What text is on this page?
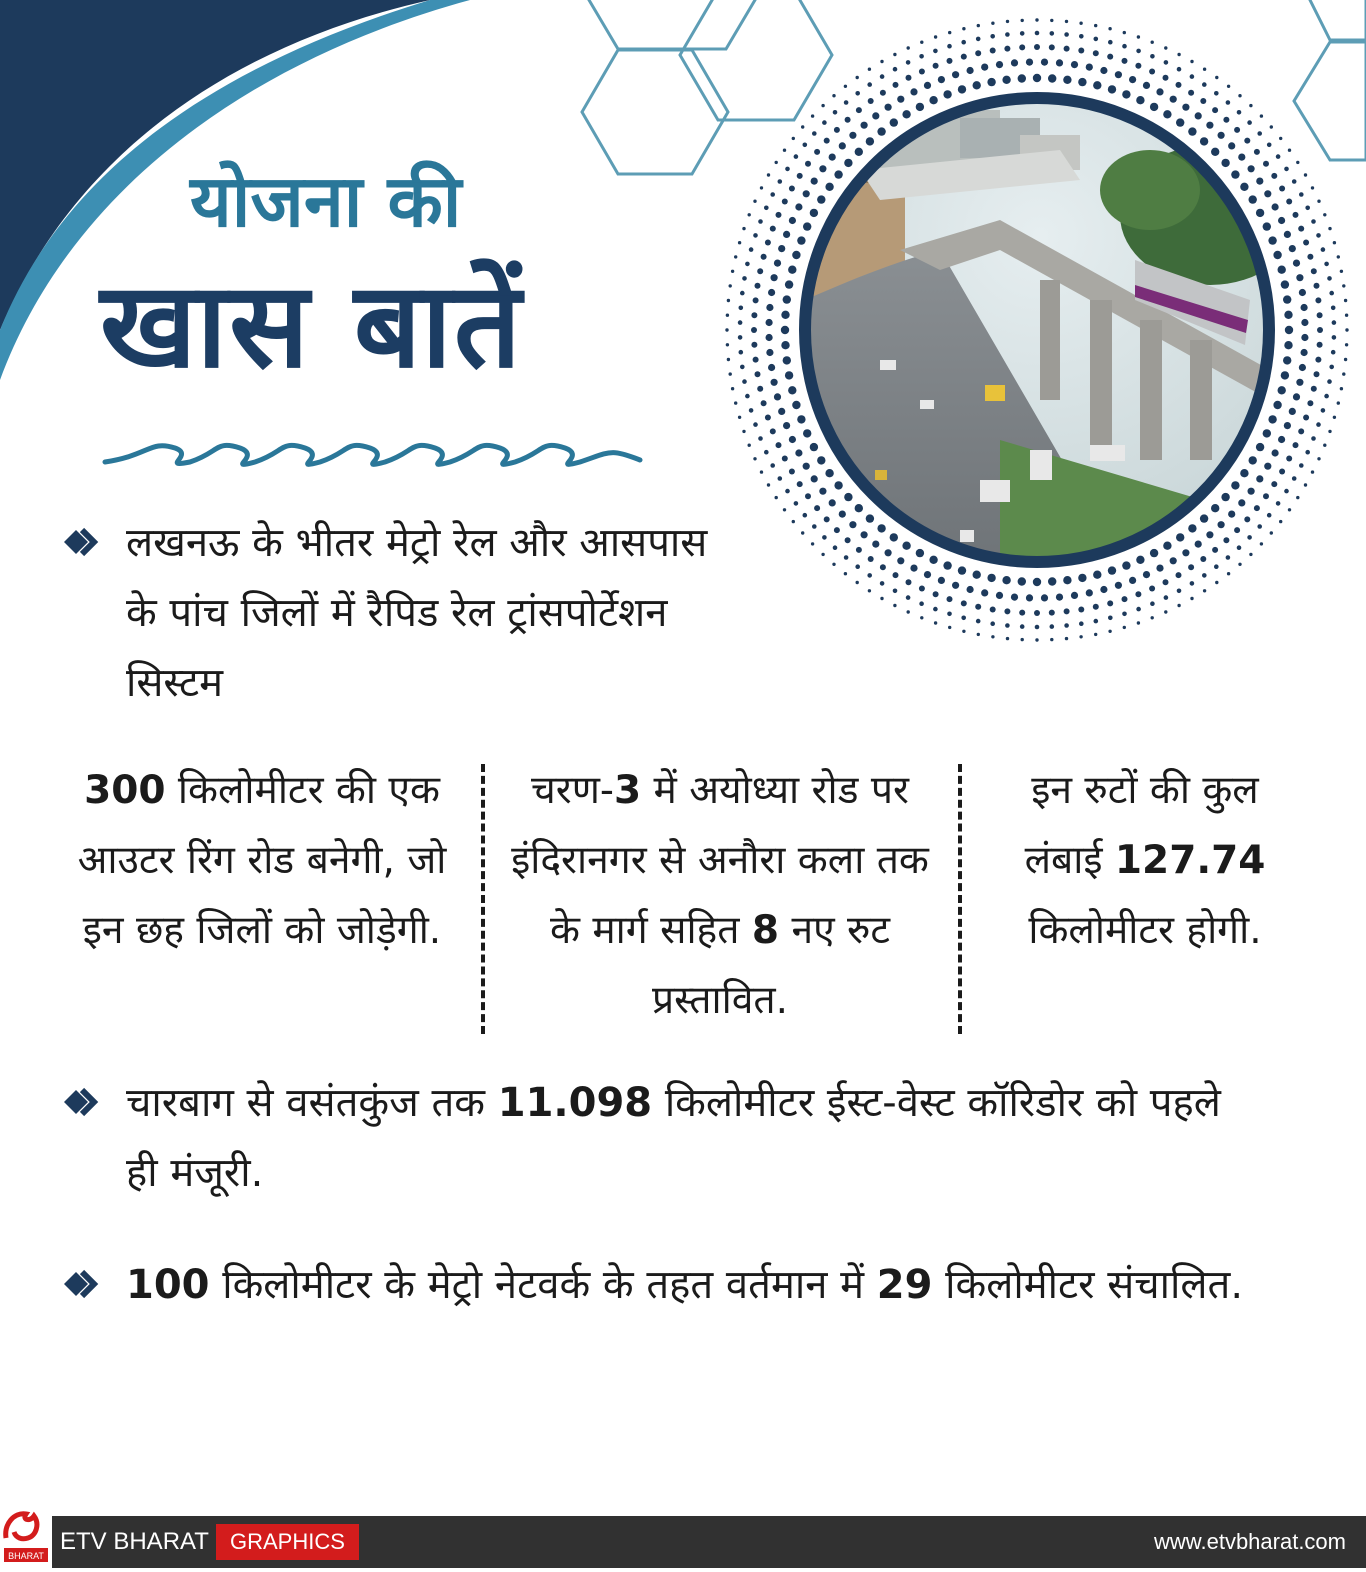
योजना की
खास बातें
लखनऊ के भीतर मेट्रो रेल और आसपास के पांच जिलों में रैपिड रेल ट्रांसपोर्टेशन सिस्टम
300 किलोमीटर की एक आउटर रिंग रोड बनेगी, जो इन छह जिलों को जोड़ेगी.
चरण-3 में अयोध्या रोड पर इंदिरानगर से अनौरा कला तक के मार्ग सहित 8 नए रुट प्रस्तावित.
इन रुटों की कुल लंबाई 127.74 किलोमीटर होगी.
चारबाग से वसंतकुंज तक 11.098 किलोमीटर ईस्ट-वेस्ट कॉरिडोर को पहले ही मंजूरी.
100 किलोमीटर के मेट्रो नेटवर्क के तहत वर्तमान में 29 किलोमीटर संचालित.
ETV BHARAT GRAPHICS	www.etvbharat.com
BHARAT
